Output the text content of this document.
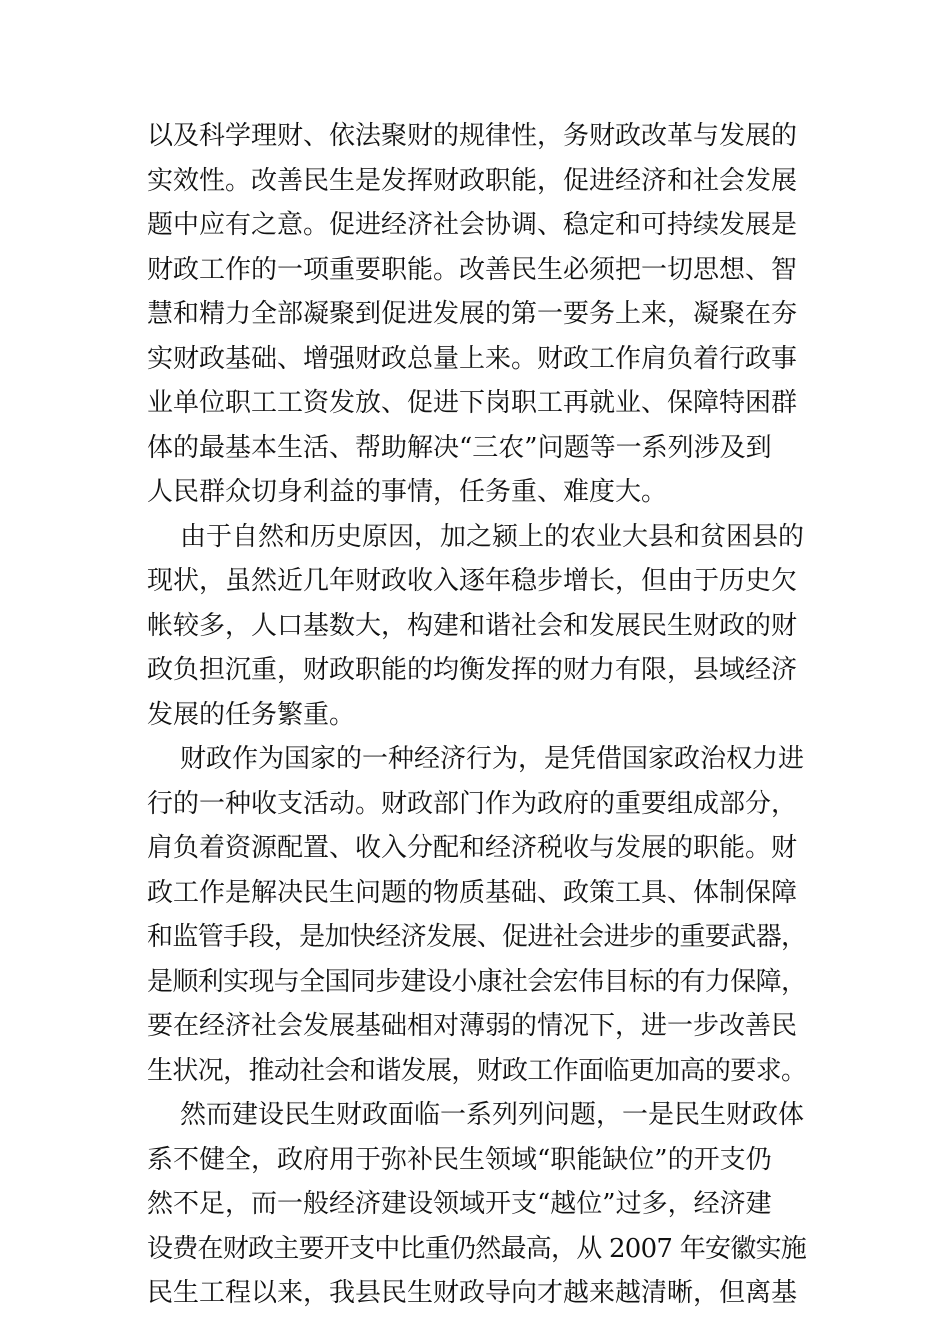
以及科学理财、依法聚财的规律性，务财政改革与发展的
实效性。改善民生是发挥财政职能，促进经济和社会发展
题中应有之意。促进经济社会协调、稳定和可持续发展是
财政工作的一项重要职能。改善民生必须把一切思想、智
慧和精力全部凝聚到促进发展的第一要务上来，凝聚在夯
实财政基础、增强财政总量上来。财政工作肩负着行政事
业单位职工工资发放、促进下岗职工再就业、保障特困群
体的最基本生活、帮助解决“三农”问题等一系列涉及到
人民群众切身利益的事情，任务重、难度大。

由于自然和历史原因，加之颍上的农业大县和贫困县的
现状，虽然近几年财政收入逐年稳步增长，但由于历史欠
帐较多，人口基数大，构建和谐社会和发展民生财政的财
政负担沉重，财政职能的均衡发挥的财力有限，县域经济
发展的任务繁重。

财政作为国家的一种经济行为，是凭借国家政治权力进
行的一种收支活动。财政部门作为政府的重要组成部分，
肩负着资源配置、收入分配和经济税收与发展的职能。财
政工作是解决民生问题的物质基础、政策工具、体制保障
和监管手段，是加快经济发展、促进社会进步的重要武器，
是顺利实现与全国同步建设小康社会宏伟目标的有力保障，
要在经济社会发展基础相对薄弱的情况下，进一步改善民
生状况，推动社会和谐发展，财政工作面临更加高的要求。

然而建设民生财政面临一系列列问题，一是民生财政体
系不健全，政府用于弥补民生领域“职能缺位”的开支仍
然不足，而一般经济建设领域开支“越位”过多，经济建
设费在财政主要开支中比重仍然最高，从 2007 年安徽实施
民生工程以来，我县民生财政导向才越来越清晰，但离基
